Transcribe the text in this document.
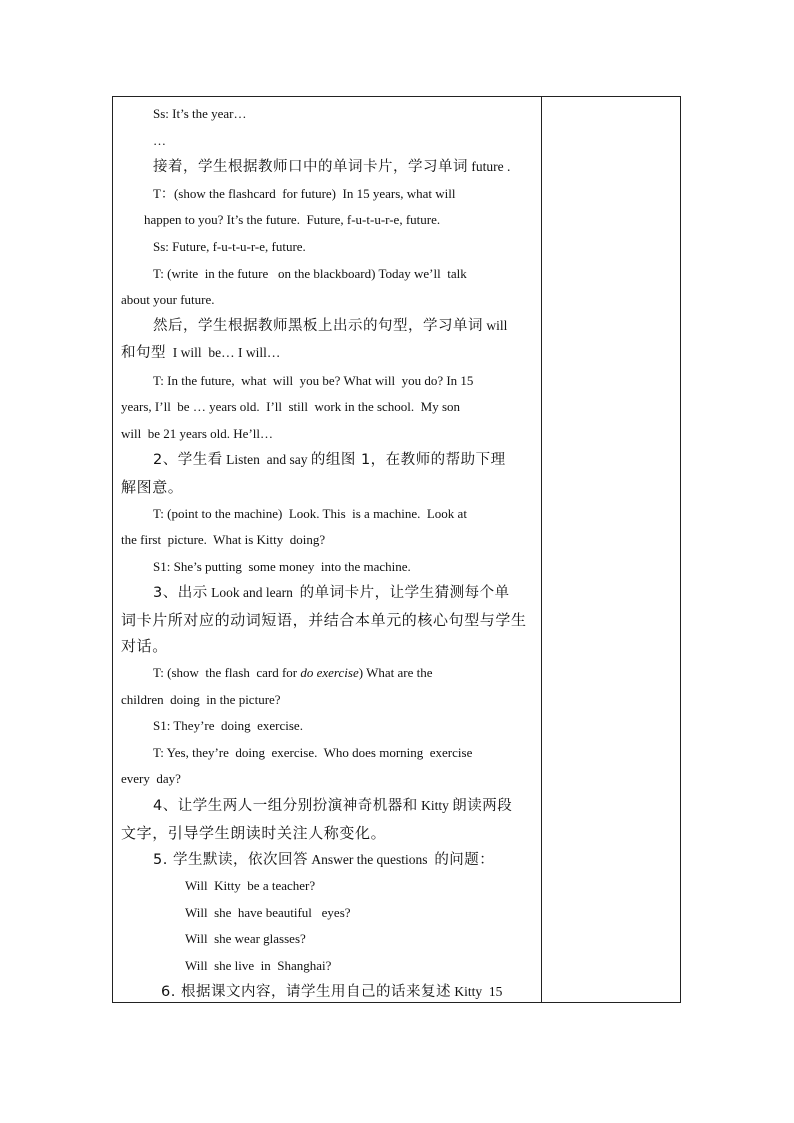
Ss: It’s the year…
…
接着，学生根据教师口中的单词卡片，学习单词 future .
T：(show the flashcard  for future)  In 15 years, what will
happen to you? It’s the future.  Future, f-u-t-u-r-e, future.
Ss: Future, f-u-t-u-r-e, future.
T: (write  in the future   on the blackboard) Today we’ll  talk
about your future.
然后，学生根据教师黑板上出示的句型，学习单词 will
和句型  I will  be… I will…
T: In the future,  what  will  you be? What will  you do? In 15
years, I’ll  be … years old.  I’ll  still  work in the school.  My son
will  be 21 years old. He’ll…
2、学生看 Listen  and say 的组图 1，在教师的帮助下理
解图意。
T: (point to the machine)  Look. This  is a machine.  Look at
the first  picture.  What is Kitty  doing?
S1: She’s putting  some money  into the machine.
3、出示 Look and learn  的单词卡片，让学生猜测每个单
词卡片所对应的动词短语，并结合本单元的核心句型与学生
对话。
T: (show  the flash  card for do exercise) What are the
children  doing  in the picture?
S1: They’re  doing  exercise.
T: Yes, they’re  doing  exercise.  Who does morning  exercise
every  day?
4、让学生两人一组分别扮演神奇机器和 Kitty 朗读两段
文字，引导学生朗读时关注人称变化。
5. 学生默读，依次回答 Answer the questions  的问题：
Will  Kitty  be a teacher?
Will  she  have beautiful   eyes?
Will  she wear glasses?
Will  she live  in  Shanghai?
6. 根据课文内容，请学生用自己的话来复述 Kitty  15
